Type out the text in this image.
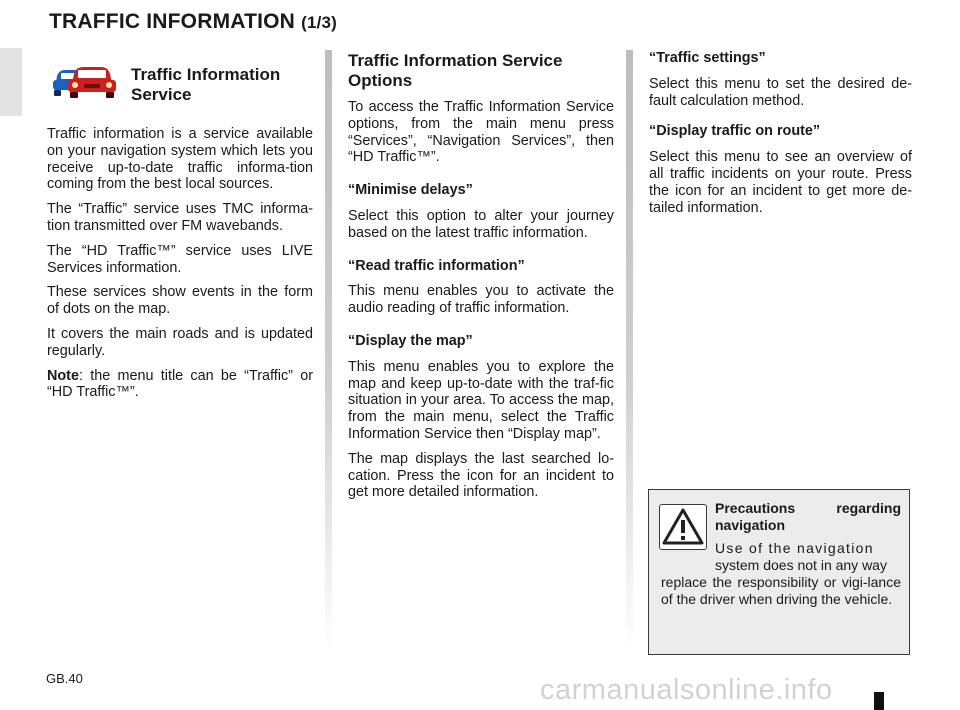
TRAFFIC INFORMATION (1/3)
Traffic Information Service

Traffic information is a service available on your navigation system which lets you receive up-to-date traffic informa-tion coming from the best local sources.

The “Traffic” service uses TMC informa-tion transmitted over FM wavebands.

The “HD Traffic™” service uses LIVE Services information.

These services show events in the form of dots on the map.

It covers the main roads and is updated regularly.

Note: the menu title can be “Traffic” or “HD Traffic™”.

Traffic Information Service Options

To access the Traffic Information Service options, from the main menu press “Services”, “Navigation Services”, then “HD Traffic™”.

“Minimise delays”

Select this option to alter your journey based on the latest traffic information.

“Read traffic information”

This menu enables you to activate the audio reading of traffic information.

“Display the map”

This menu enables you to explore the map and keep up-to-date with the traf-fic situation in your area. To access the map, from the main menu, select the Traffic Information Service then “Display map”.

The map displays the last searched lo-cation. Press the icon for an incident to get more detailed information.

“Traffic settings”

Select this menu to set the desired de-fault calculation method.

“Display traffic on route”

Select this menu to see an overview of all traffic incidents on your route. Press the icon for an incident to get more de-tailed information.

Precautions regarding navigation

Use of the navigation

system does not in any way

replace the responsibility or vigi-lance of the driver when driving the vehicle.

GB.40	carmanualsonline.info
